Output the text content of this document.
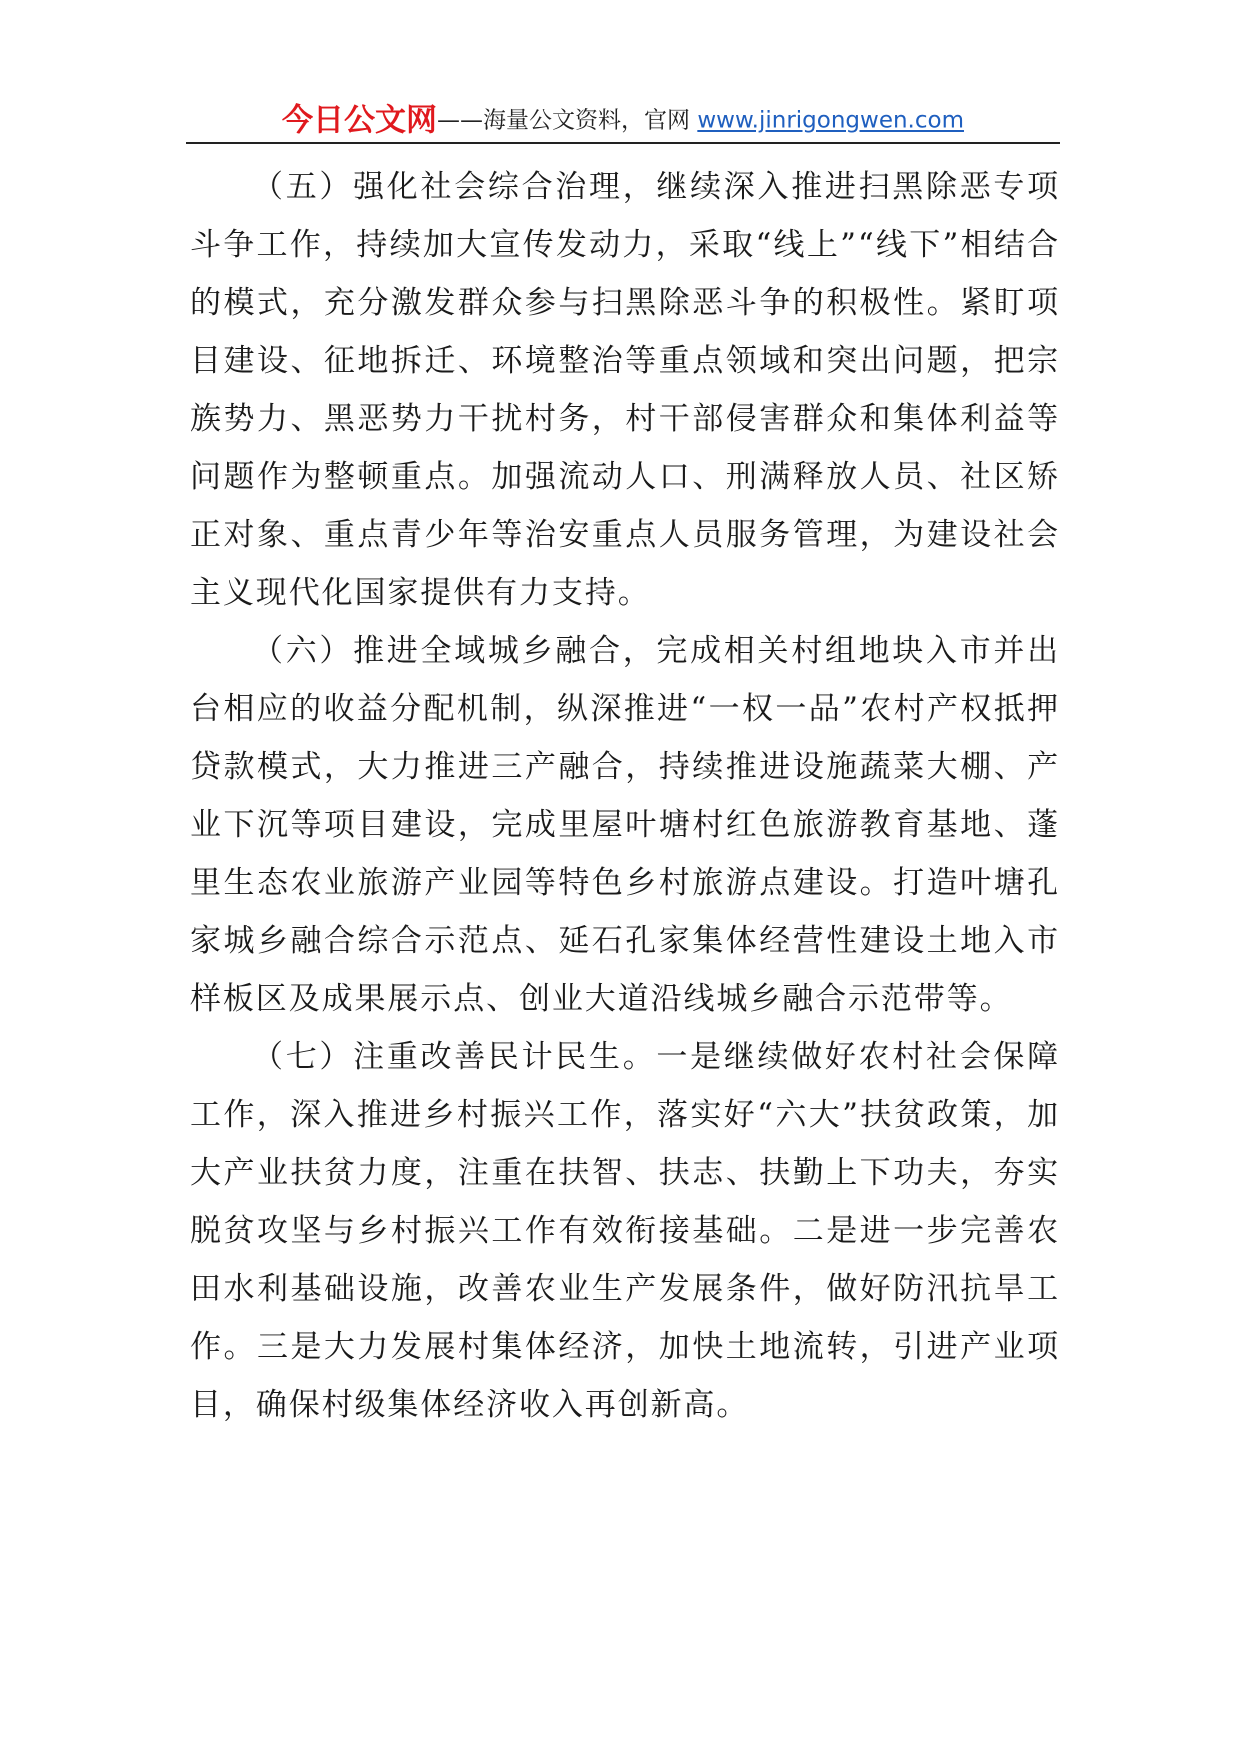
今日公文网——海量公文资料，官网 www.jinrigongwen.com

（五）强化社会综合治理，继续深入推进扫黑除恶专项斗争工作，持续加大宣传发动力，采取“线上”“线下”相结合的模式，充分激发群众参与扫黑除恶斗争的积极性。紧盯项目建设、征地拆迁、环境整治等重点领域和突出问题，把宗族势力、黑恶势力干扰村务，村干部侵害群众和集体利益等问题作为整顿重点。加强流动人口、刑满释放人员、社区矫正对象、重点青少年等治安重点人员服务管理，为建设社会主义现代化国家提供有力支持。

（六）推进全域城乡融合，完成相关村组地块入市并出台相应的收益分配机制，纵深推进“一权一品”农村产权抵押贷款模式，大力推进三产融合，持续推进设施蔬菜大棚、产业下沉等项目建设，完成里屋叶塘村红色旅游教育基地、蓬里生态农业旅游产业园等特色乡村旅游点建设。打造叶塘孔家城乡融合综合示范点、延石孔家集体经营性建设土地入市样板区及成果展示点、创业大道沿线城乡融合示范带等。

（七）注重改善民计民生。一是继续做好农村社会保障工作，深入推进乡村振兴工作，落实好“六大”扶贫政策，加大产业扶贫力度，注重在扶智、扶志、扶勤上下功夫，夯实脱贫攻坚与乡村振兴工作有效衔接基础。二是进一步完善农田水利基础设施，改善农业生产发展条件，做好防汛抗旱工作。三是大力发展村集体经济，加快土地流转，引进产业项目，确保村级集体经济收入再创新高。
